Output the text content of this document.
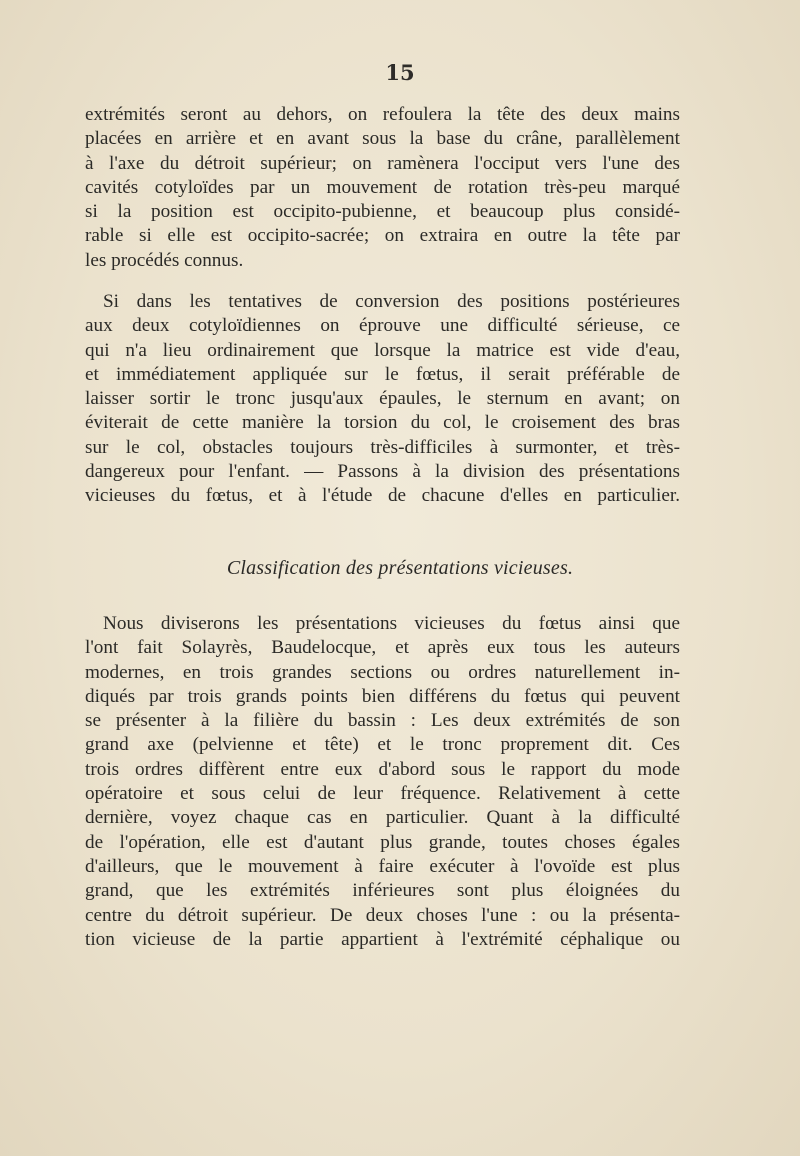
15
extrémités seront au dehors, on refoulera la tête des deux mains
placées en arrière et en avant sous la base du crâne, parallèlement
à l'axe du détroit supérieur; on ramènera l'occiput vers l'une des
cavités cotyloïdes par un mouvement de rotation très-peu marqué
si la position est occipito-pubienne, et beaucoup plus considé-
rable si elle est occipito-sacrée; on extraira en outre la tête par
les procédés connus.
Si dans les tentatives de conversion des positions postérieures
aux deux cotyloïdiennes on éprouve une difficulté sérieuse, ce
qui n'a lieu ordinairement que lorsque la matrice est vide d'eau,
et immédiatement appliquée sur le fœtus, il serait préférable de
laisser sortir le tronc jusqu'aux épaules, le sternum en avant; on
éviterait de cette manière la torsion du col, le croisement des bras
sur le col, obstacles toujours très-difficiles à surmonter, et très-
dangereux pour l'enfant. — Passons à la division des présentations
vicieuses du fœtus, et à l'étude de chacune d'elles en particulier.
Classification des présentations vicieuses.
Nous diviserons les présentations vicieuses du fœtus ainsi que
l'ont fait Solayrès, Baudelocque, et après eux tous les auteurs
modernes, en trois grandes sections ou ordres naturellement in-
diqués par trois grands points bien différens du fœtus qui peuvent
se présenter à la filière du bassin : Les deux extrémités de son
grand axe (pelvienne et tête) et le tronc proprement dit. Ces
trois ordres diffèrent entre eux d'abord sous le rapport du mode
opératoire et sous celui de leur fréquence. Relativement à cette
dernière, voyez chaque cas en particulier. Quant à la difficulté
de l'opération, elle est d'autant plus grande, toutes choses égales
d'ailleurs, que le mouvement à faire exécuter à l'ovoïde est plus
grand, que les extrémités inférieures sont plus éloignées du
centre du détroit supérieur. De deux choses l'une : ou la présenta-
tion vicieuse de la partie appartient à l'extrémité céphalique ou
